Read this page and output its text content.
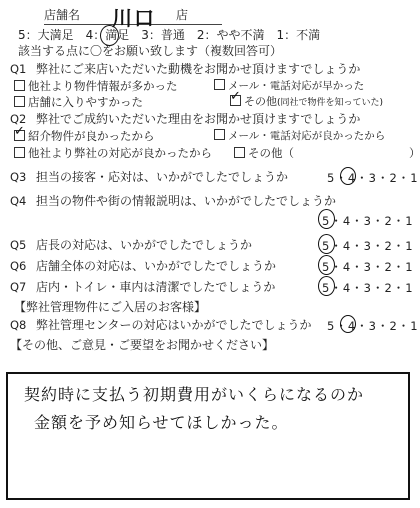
店舗名 川口 店
5：大満足　4：満足　3：普通　2：やや不満　1：不満
該当する点に〇をお願い致します（複数回答可）
Q1 弊社にご来店いただいた動機をお聞かせ頂けますでしょうか
他社より物件情報が多かった	メール・電話対応が早かった
店舗に入りやすかった ✓	その他(同社で物件を知っていた)
Q2 弊社でご成約いただいた理由をお聞かせ頂けますでしょうか
✓紹介物件が良かったから	メール・電話対応が良かったから
他社より弊社の対応が良かったから	その他（　　　　　　　　　　）
Q3 担当の接客・応対は、いかがでしたでしょうか	5・4・3・2・1
Q4 担当の物件や街の情報説明は、いかがでしたでしょうか
5・4・3・2・1
Q5 店長の対応は、いかがでしたでしょうか	5・4・3・2・1
Q6 店舗全体の対応は、いかがでしたでしょうか	5・4・3・2・1
Q7 店内・トイレ・車内は清潔でしたでしょうか	5・4・3・2・1
【弊社管理物件にご入居のお客様】
Q8 弊社管理センターの対応はいかがでしたでしょうか 5・4・3・2・1
【その他、ご意見・ご要望をお聞かせください】
契約時に支払う初期費用がいくらになるのか
金額を予め知らせてほしかった。
